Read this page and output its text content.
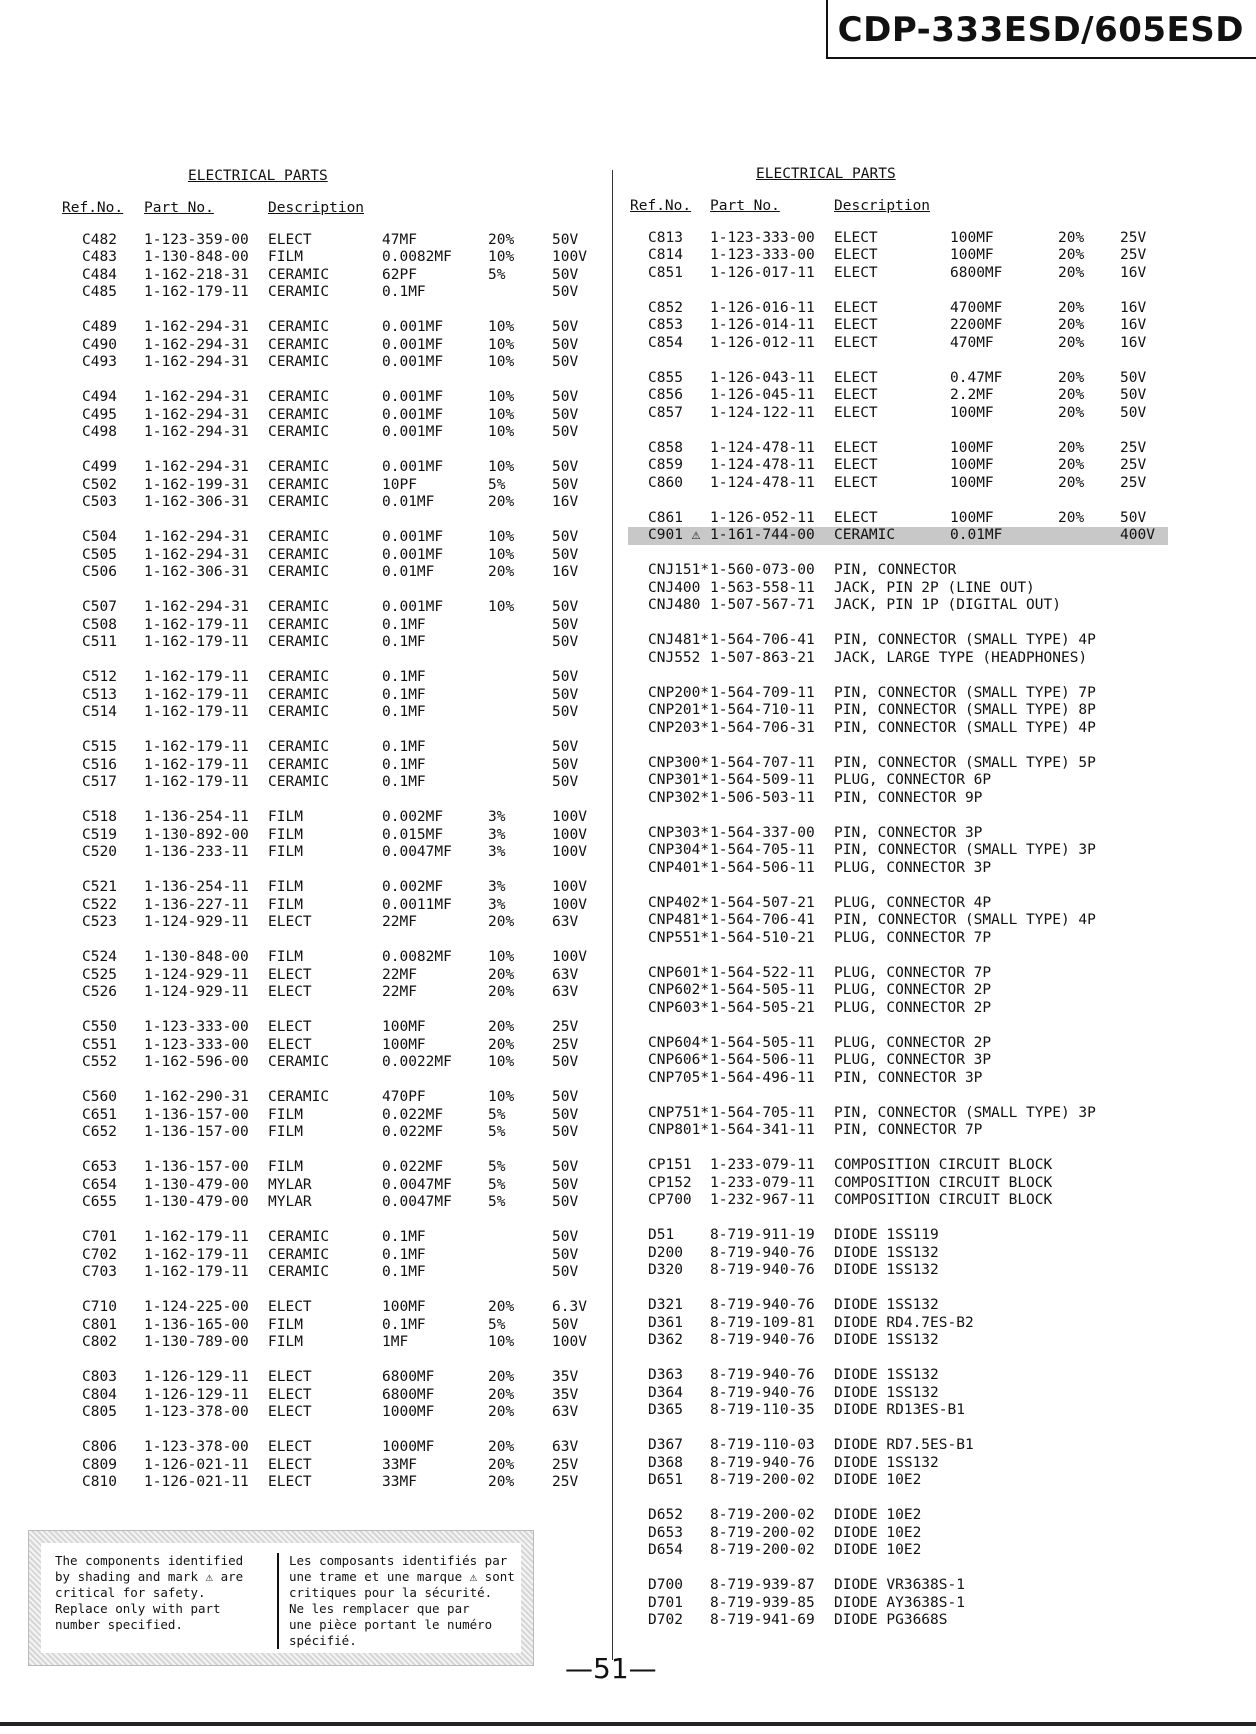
CDP-333ESD/605ESD
ELECTRICAL PARTS
Ref.No. Part No.	Description
C482 1-123-359-00 ELECT	47MF	20%	50V
C483 1-130-848-00 FILM	0.0082MF 10%	100V
C484 1-162-218-31 CERAMIC	62PF	5%	50V
C485 1-162-179-11 CERAMIC	0.1MF	50V
C489 1-162-294-31 CERAMIC	0.001MF	10%	50V
C490 1-162-294-31 CERAMIC	0.001MF	10%	50V
C493 1-162-294-31 CERAMIC	0.001MF	10%	50V
C494 1-162-294-31 CERAMIC	0.001MF	10%	50V
C495 1-162-294-31 CERAMIC	0.001MF	10%	50V
C498 1-162-294-31 CERAMIC	0.001MF	10%	50V
C499 1-162-294-31 CERAMIC	0.001MF	10%	50V
C502 1-162-199-31 CERAMIC	10PF	5%	50V
C503 1-162-306-31 CERAMIC	0.01MF	20%	16V
C504 1-162-294-31 CERAMIC	0.001MF	10%	50V
C505 1-162-294-31 CERAMIC	0.001MF	10%	50V
C506 1-162-306-31 CERAMIC	0.01MF	20%	16V
C507 1-162-294-31 CERAMIC	0.001MF	10%	50V
C508 1-162-179-11 CERAMIC	0.1MF	50V
C511 1-162-179-11 CERAMIC	0.1MF	50V
C512 1-162-179-11 CERAMIC	0.1MF	50V
C513 1-162-179-11 CERAMIC	0.1MF	50V
C514 1-162-179-11 CERAMIC	0.1MF	50V
C515 1-162-179-11 CERAMIC	0.1MF	50V
C516 1-162-179-11 CERAMIC	0.1MF	50V
C517 1-162-179-11 CERAMIC	0.1MF	50V
C518 1-136-254-11 FILM	0.002MF	3%	100V
C519 1-130-892-00 FILM	0.015MF	3%	100V
C520 1-136-233-11 FILM	0.0047MF 3%	100V
C521 1-136-254-11 FILM	0.002MF	3%	100V
C522 1-136-227-11 FILM	0.0011MF 3%	100V
C523 1-124-929-11 ELECT	22MF	20%	63V
C524 1-130-848-00 FILM	0.0082MF 10%	100V
C525 1-124-929-11 ELECT	22MF	20%	63V
C526 1-124-929-11 ELECT	22MF	20%	63V
C550 1-123-333-00 ELECT	100MF	20%	25V
C551 1-123-333-00 ELECT	100MF	20%	25V
C552 1-162-596-00 CERAMIC	0.0022MF 10%	50V
C560 1-162-290-31 CERAMIC	470PF	10%	50V
C651 1-136-157-00 FILM	0.022MF	5%	50V
C652 1-136-157-00 FILM	0.022MF	5%	50V
C653 1-136-157-00 FILM	0.022MF	5%	50V
C654 1-130-479-00 MYLAR	0.0047MF 5%	50V
C655 1-130-479-00 MYLAR	0.0047MF 5%	50V
C701 1-162-179-11 CERAMIC	0.1MF	50V
C702 1-162-179-11 CERAMIC	0.1MF	50V
C703 1-162-179-11 CERAMIC	0.1MF	50V
C710 1-124-225-00 ELECT	100MF	20%	6.3V
C801 1-136-165-00 FILM	0.1MF	5%	50V
C802 1-130-789-00 FILM	1MF	10%	100V
C803 1-126-129-11 ELECT	6800MF	20%	35V
C804 1-126-129-11 ELECT	6800MF	20%	35V
C805 1-123-378-00 ELECT	1000MF	20%	63V
C806 1-123-378-00 ELECT	1000MF	20%	63V
C809 1-126-021-11 ELECT	33MF	20%	25V
C810 1-126-021-11 ELECT	33MF	20%	25V
ELECTRICAL PARTS
Ref.No. Part No.	Description
C813 1-123-333-00 ELECT	100MF	20% 25V
C814 1-123-333-00 ELECT	100MF	20% 25V
C851 1-126-017-11 ELECT	6800MF	20% 16V
C852 1-126-016-11 ELECT	4700MF	20% 16V
C853 1-126-014-11 ELECT	2200MF	20% 16V
C854 1-126-012-11 ELECT	470MF	20% 16V
C855 1-126-043-11 ELECT	0.47MF	20% 50V
C856 1-126-045-11 ELECT	2.2MF	20% 50V
C857 1-124-122-11 ELECT	100MF	20% 50V
C858 1-124-478-11 ELECT	100MF	20% 25V
C859 1-124-478-11 ELECT	100MF	20% 25V
C860 1-124-478-11 ELECT	100MF	20% 25V
C861 1-126-052-11 ELECT	100MF	20% 50V
C901 ⚠ 1-161-744-00 CERAMIC	0.01MF	400V
CNJ151* 1-560-073-00 PIN, CONNECTOR
CNJ400 1-563-558-11 JACK, PIN 2P (LINE OUT)
CNJ480 1-507-567-71 JACK, PIN 1P (DIGITAL OUT)
CNJ481* 1-564-706-41 PIN, CONNECTOR (SMALL TYPE) 4P
CNJ552 1-507-863-21 JACK, LARGE TYPE (HEADPHONES)
CNP200* 1-564-709-11 PIN, CONNECTOR (SMALL TYPE) 7P
CNP201* 1-564-710-11 PIN, CONNECTOR (SMALL TYPE) 8P
CNP203* 1-564-706-31 PIN, CONNECTOR (SMALL TYPE) 4P
CNP300* 1-564-707-11 PIN, CONNECTOR (SMALL TYPE) 5P
CNP301* 1-564-509-11 PLUG, CONNECTOR 6P
CNP302* 1-506-503-11 PIN, CONNECTOR 9P
CNP303* 1-564-337-00 PIN, CONNECTOR 3P
CNP304* 1-564-705-11 PIN, CONNECTOR (SMALL TYPE) 3P
CNP401* 1-564-506-11 PLUG, CONNECTOR 3P
CNP402* 1-564-507-21 PLUG, CONNECTOR 4P
CNP481* 1-564-706-41 PIN, CONNECTOR (SMALL TYPE) 4P
CNP551* 1-564-510-21 PLUG, CONNECTOR 7P
CNP601* 1-564-522-11 PLUG, CONNECTOR 7P
CNP602* 1-564-505-11 PLUG, CONNECTOR 2P
CNP603* 1-564-505-21 PLUG, CONNECTOR 2P
CNP604* 1-564-505-11 PLUG, CONNECTOR 2P
CNP606* 1-564-506-11 PLUG, CONNECTOR 3P
CNP705* 1-564-496-11 PIN, CONNECTOR 3P
CNP751* 1-564-705-11 PIN, CONNECTOR (SMALL TYPE) 3P
CNP801* 1-564-341-11 PIN, CONNECTOR 7P
CP151 1-233-079-11 COMPOSITION CIRCUIT BLOCK
CP152 1-233-079-11 COMPOSITION CIRCUIT BLOCK
CP700 1-232-967-11 COMPOSITION CIRCUIT BLOCK
D51 8-719-911-19 DIODE 1SS119
D200 8-719-940-76 DIODE 1SS132
D320 8-719-940-76 DIODE 1SS132
D321 8-719-940-76 DIODE 1SS132
D361 8-719-109-81 DIODE RD4.7ES-B2
D362 8-719-940-76 DIODE 1SS132
D363 8-719-940-76 DIODE 1SS132
D364 8-719-940-76 DIODE 1SS132
D365 8-719-110-35 DIODE RD13ES-B1
D367 8-719-110-03 DIODE RD7.5ES-B1
D368 8-719-940-76 DIODE 1SS132
D651 8-719-200-02 DIODE 10E2
D652 8-719-200-02 DIODE 10E2
D653 8-719-200-02 DIODE 10E2
D654 8-719-200-02 DIODE 10E2
D700 8-719-939-87 DIODE VR3638S-1
D701 8-719-939-85 DIODE AY3638S-1
D702 8-719-941-69 DIODE PG3668S
The components identified
by shading and mark ⚠ are
critical for safety.
Replace only with part
number specified.
Les composants identifiés par
une trame et une marque ⚠ sont
critiques pour la sécurité.
Ne les remplacer que par
une pièce portant le numéro
spécifié.
—51—
